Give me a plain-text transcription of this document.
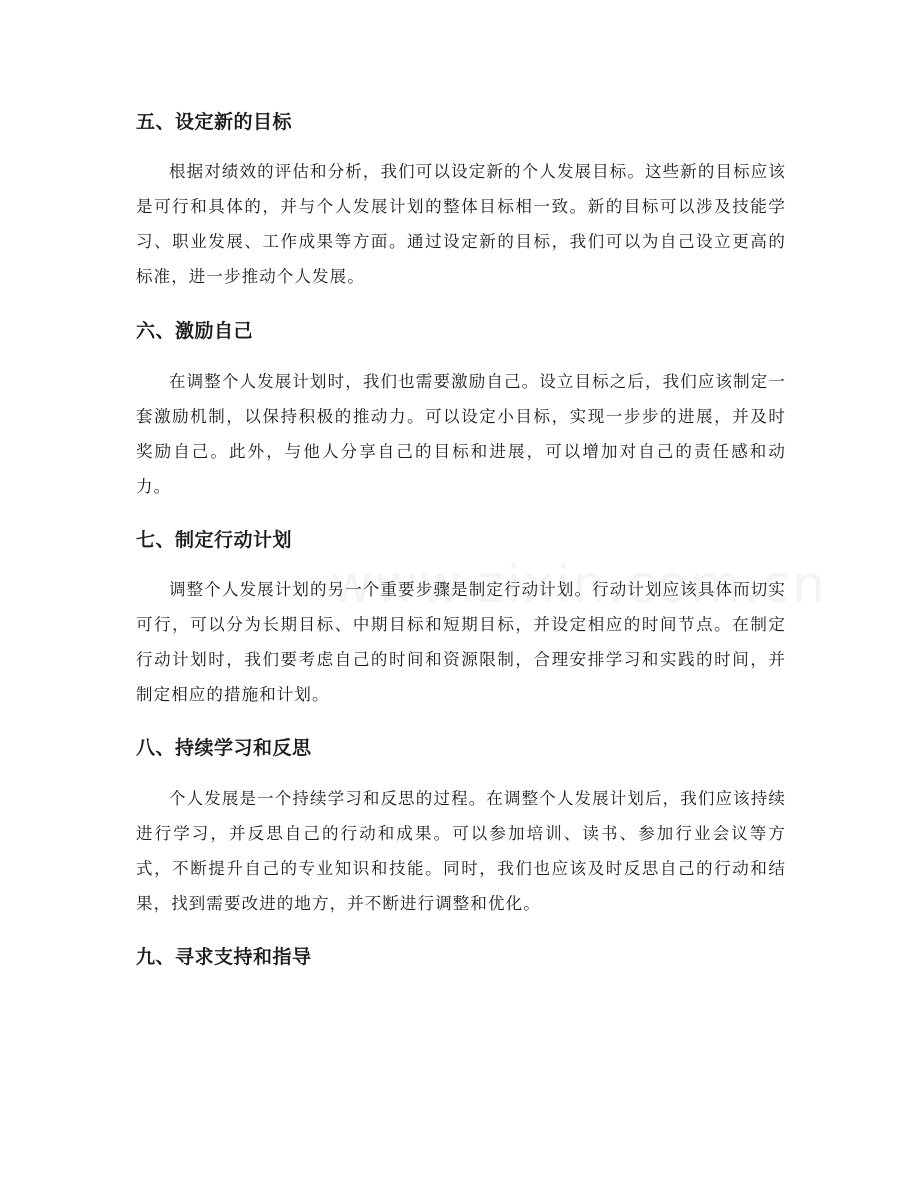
五、设定新的目标

根据对绩效的评估和分析，我们可以设定新的个人发展目标。这些新的目标应该是可行和具体的，并与个人发展计划的整体目标相一致。新的目标可以涉及技能学习、职业发展、工作成果等方面。通过设定新的目标，我们可以为自己设立更高的标准，进一步推动个人发展。

六、激励自己

在调整个人发展计划时，我们也需要激励自己。设立目标之后，我们应该制定一套激励机制，以保持积极的推动力。可以设定小目标，实现一步步的进展，并及时奖励自己。此外，与他人分享自己的目标和进展，可以增加对自己的责任感和动力。

七、制定行动计划

调整个人发展计划的另一个重要步骤是制定行动计划。行动计划应该具体而切实可行，可以分为长期目标、中期目标和短期目标，并设定相应的时间节点。在制定行动计划时，我们要考虑自己的时间和资源限制，合理安排学习和实践的时间，并制定相应的措施和计划。

八、持续学习和反思

个人发展是一个持续学习和反思的过程。在调整个人发展计划后，我们应该持续进行学习，并反思自己的行动和成果。可以参加培训、读书、参加行业会议等方式，不断提升自己的专业知识和技能。同时，我们也应该及时反思自己的行动和结果，找到需要改进的地方，并不断进行调整和优化。

九、寻求支持和指导
